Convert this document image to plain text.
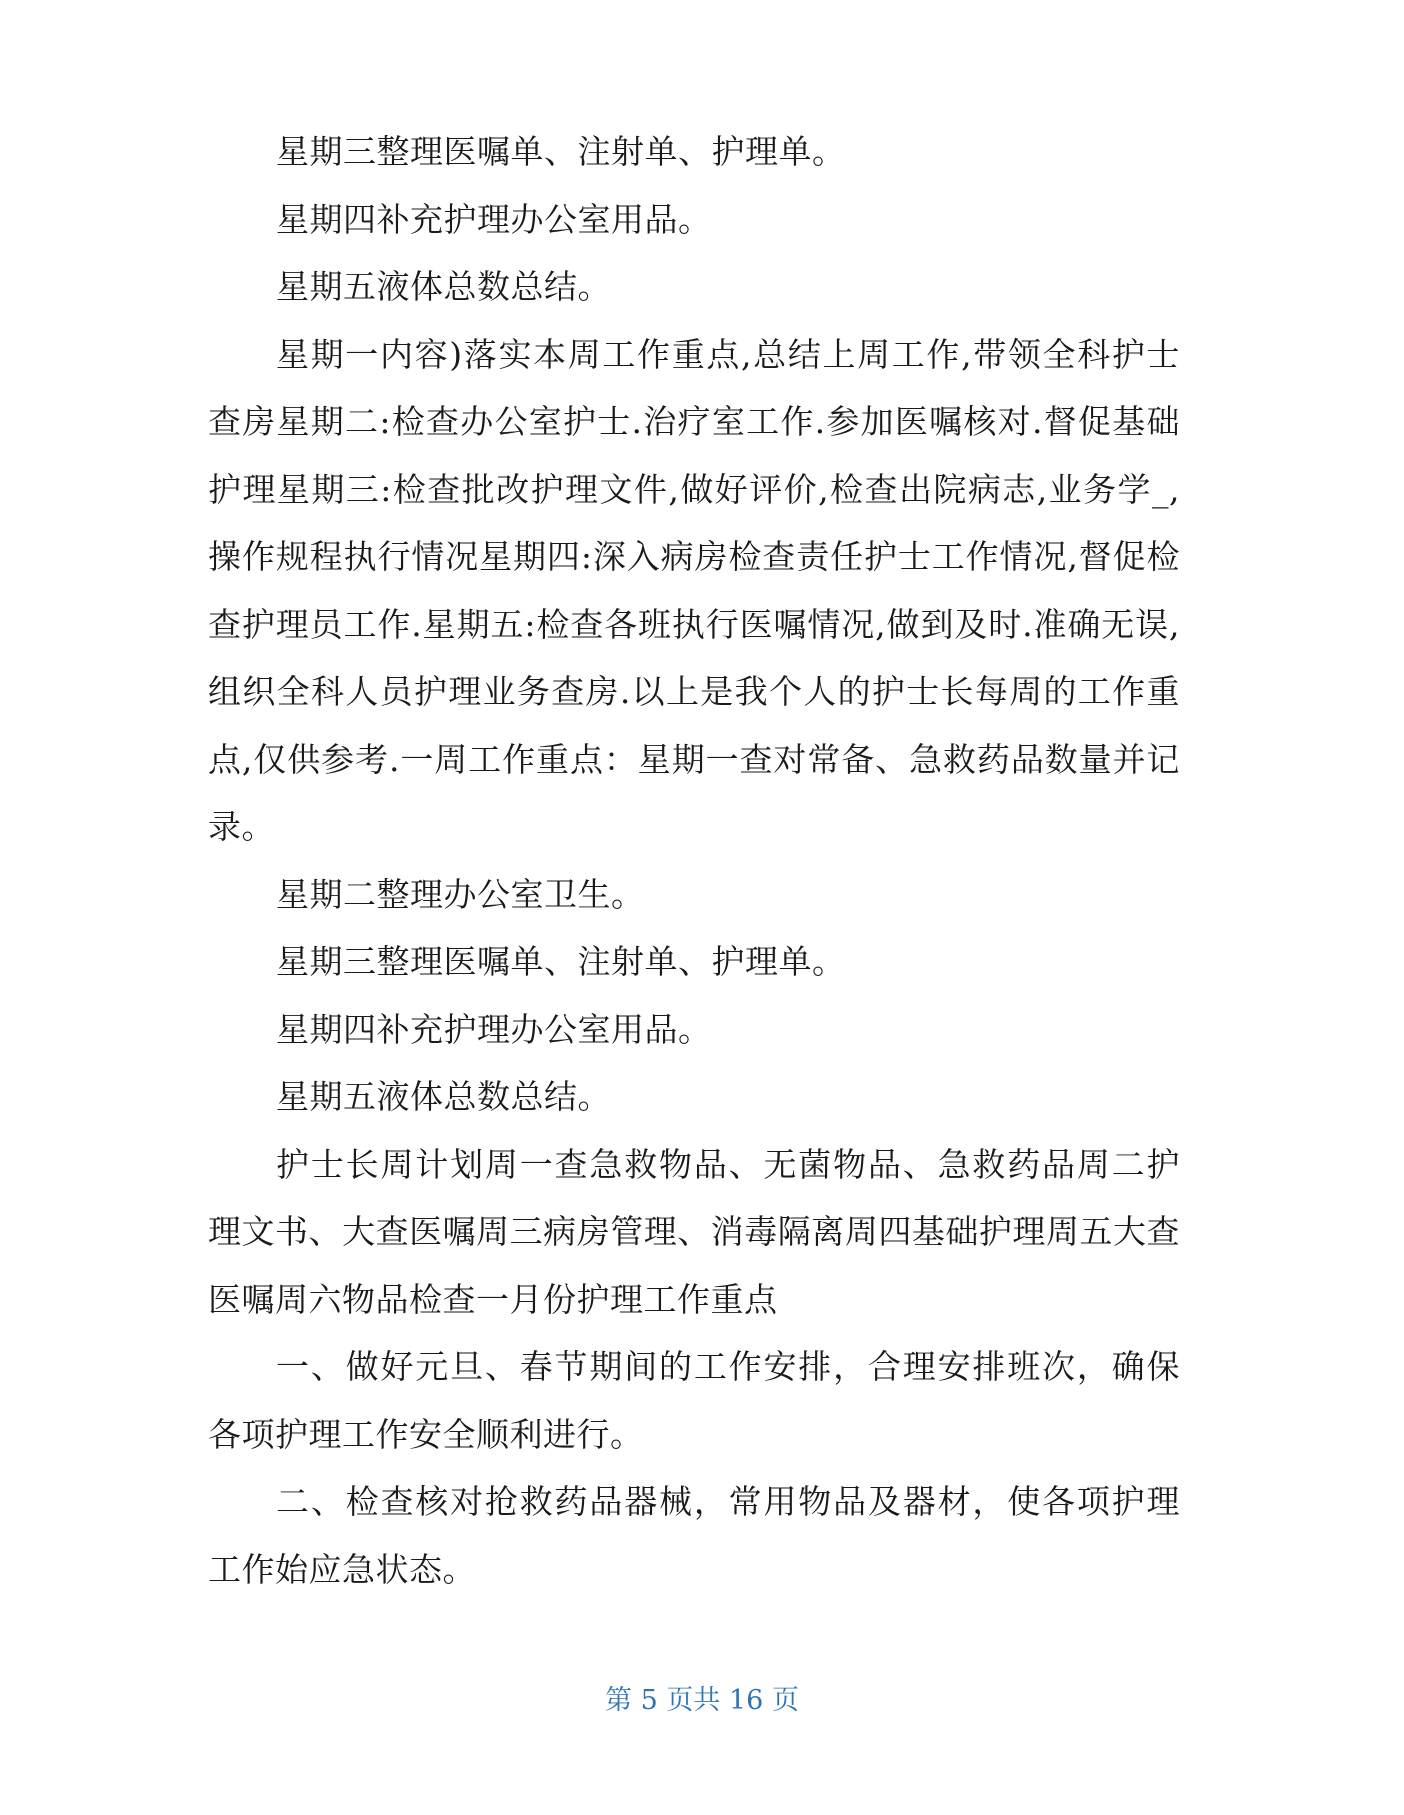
星期三整理医嘱单、注射单、护理单。

星期四补充护理办公室用品。

星期五液体总数总结。

星期一内容)落实本周工作重点,总结上周工作,带领全科护士查房星期二:检查办公室护士.治疗室工作.参加医嘱核对.督促基础护理星期三:检查批改护理文件,做好评价,检查出院病志,业务学_,操作规程执行情况星期四:深入病房检查责任护士工作情况,督促检查护理员工作.星期五:检查各班执行医嘱情况,做到及时.准确无误,组织全科人员护理业务查房.以上是我个人的护士长每周的工作重点,仅供参考.一周工作重点：星期一查对常备、急救药品数量并记录。

星期二整理办公室卫生。

星期三整理医嘱单、注射单、护理单。

星期四补充护理办公室用品。

星期五液体总数总结。

护士长周计划周一查急救物品、无菌物品、急救药品周二护理文书、大查医嘱周三病房管理、消毒隔离周四基础护理周五大查医嘱周六物品检查一月份护理工作重点

一、做好元旦、春节期间的工作安排，合理安排班次，确保各项护理工作安全顺利进行。

二、检查核对抢救药品器械，常用物品及器材，使各项护理工作始应急状态。

第 5 页共 16 页
